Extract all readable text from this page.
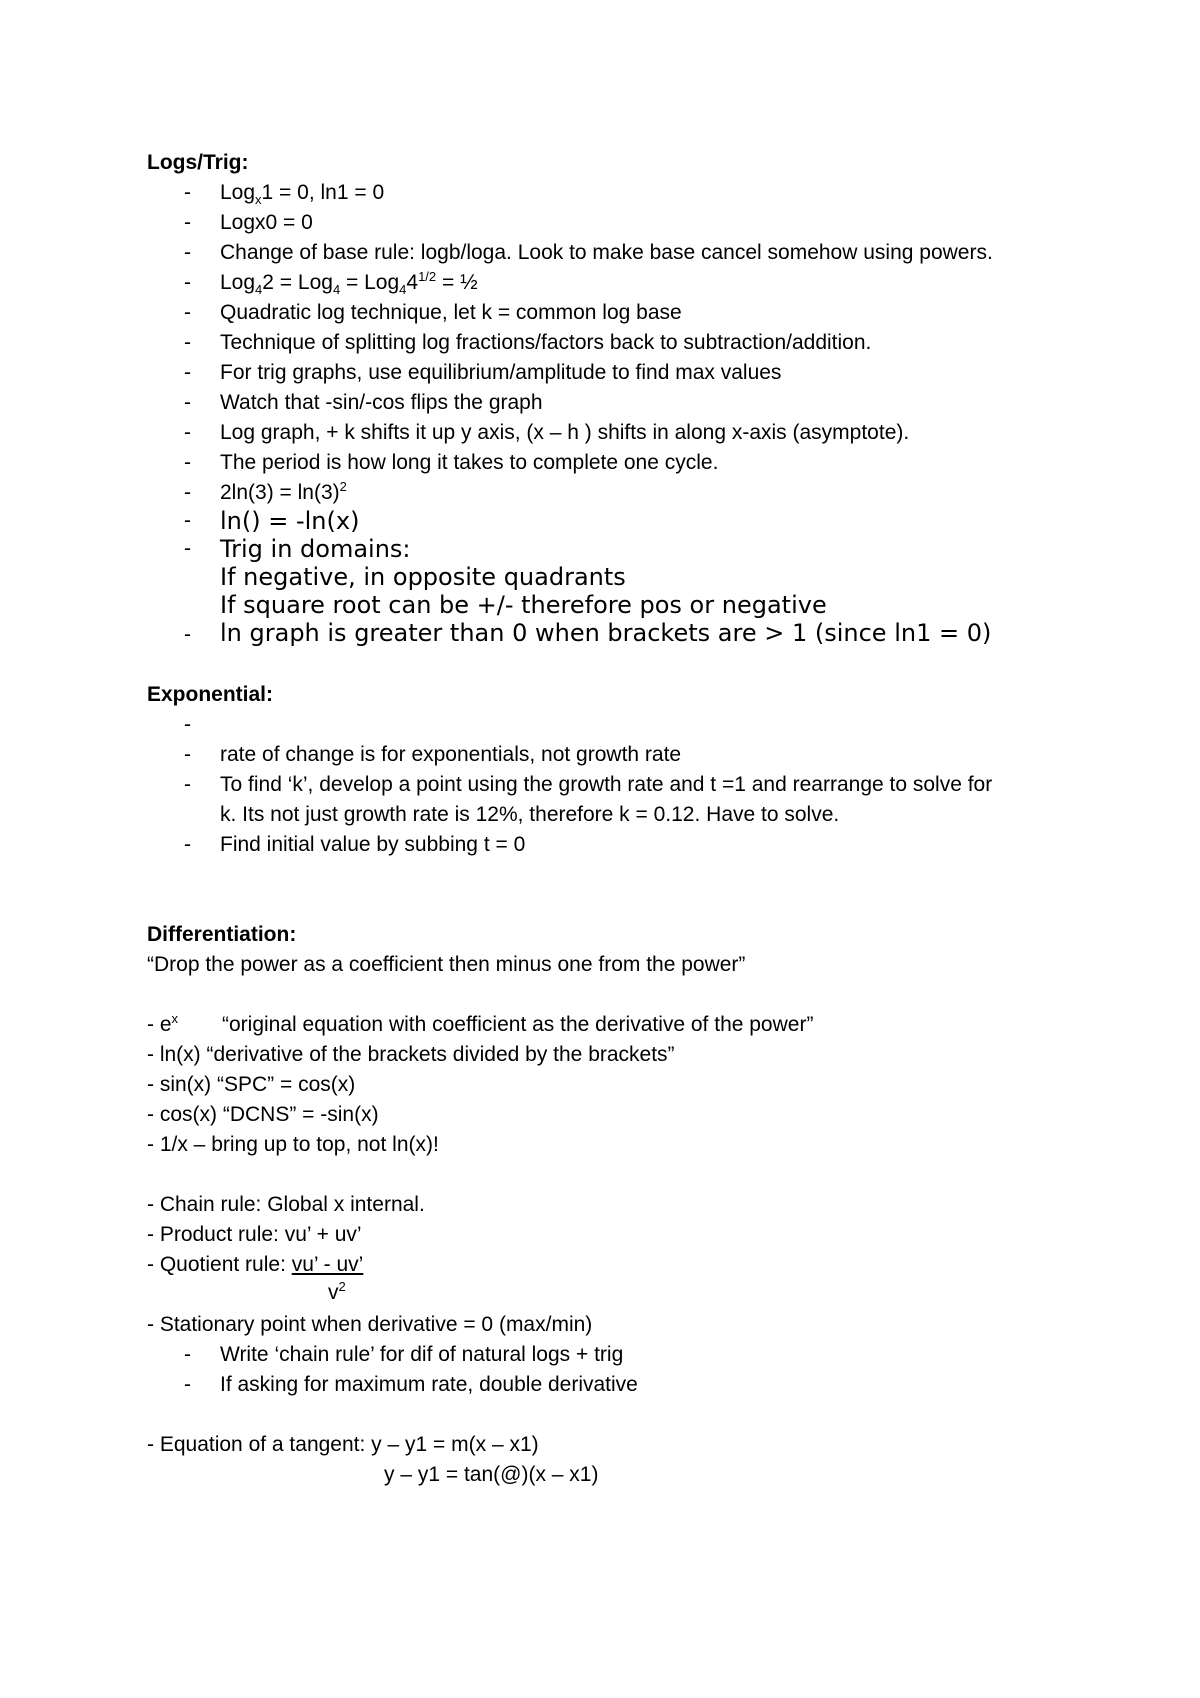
Logs/Trig:
- Log$_x$1 = 0, ln1 = 0
- Logx0 = 0
- Change of base rule: logb/loga. Look to make base cancel somehow using powers.
- $Log_42 = Log_4 = Log_44^{1/2}$ = ½
- Quadratic log technique, let k = common log base
- Technique of splitting log fractions/factors back to subtraction/addition.
- For trig graphs, use equilibrium/amplitude to find max values
- Watch that -sin/-cos flips the graph
- Log graph, + k shifts it up y axis, (x – h ) shifts in along x-axis (asymptote).
- The period is how long it takes to complete one cycle.
- $2\ln(3) = \ln(3)^2$
- ln() = -ln(x)
- Trig in domains:
If negative, in opposite quadrants
If square root can be +/- therefore pos or negative
- ln graph is greater than 0 when brackets are > 1 (since ln1 = 0)
Exponential:
-
- rate of change is for exponentials, not growth rate
- To find ‘k’, develop a point using the growth rate and t =1 and rearrange to solve for
k. Its not just growth rate is 12%, therefore k = 0.12. Have to solve.
- Find initial value by subbing t = 0
Differentiation:
“Drop the power as a coefficient then minus one from the power”
- $e^x$ “original equation with coefficient as the derivative of the power”
- ln(x) “derivative of the brackets divided by the brackets”
- sin(x) “SPC” = cos(x)
- cos(x) “DCNS” = -sin(x)
- 1/x – bring up to top, not ln(x)!
- Chain rule: Global x internal.
- Product rule: vu’ + uv’
- Quotient rule: vu’ - uv’
$v^2$
- Stationary point when derivative = 0 (max/min)
- Write ‘chain rule’ for dif of natural logs + trig
- If asking for maximum rate, double derivative
- Equation of a tangent: y – y1 = m(x – x1)
y – y1 = tan(@)(x – x1)
